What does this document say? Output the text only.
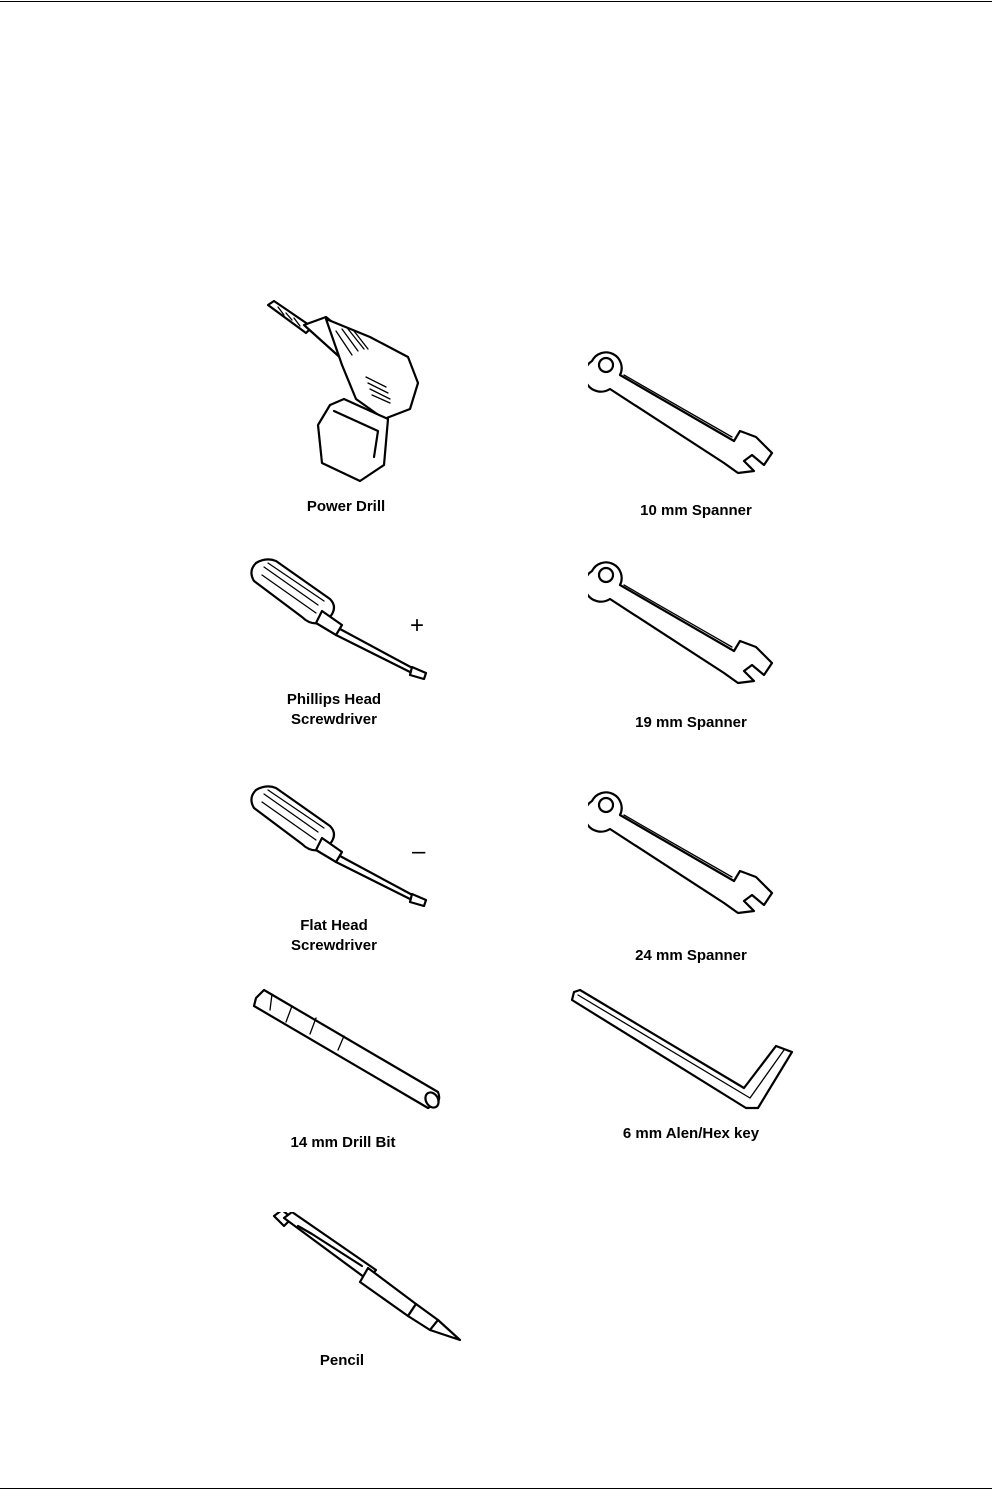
Power Drill	10 mm Spanner
+
Phillips Head
Screwdriver	19 mm Spanner
–
Flat Head
Screwdriver
24 mm Spanner
14 mm Drill Bit
6 mm Alen/Hex key
Pencil
